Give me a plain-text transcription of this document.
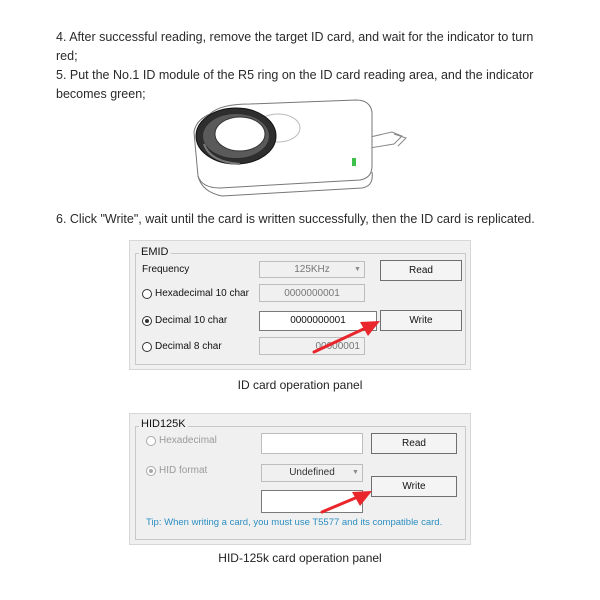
4. After successful reading, remove the target ID card, and wait for the indicator to turn red;
5. Put the No.1 ID module of the R5 ring on the ID card reading area, and the indicator becomes green;
6. Click "Write", wait until the card is written successfully, then the ID card is replicated.
EMID
Frequency	125KHz	▼	Read
Hexadecimal 10 char	0000000001
Decimal 10 char	0000000001	Write
Decimal 8 char	00000001
ID card operation panel
HID125K
Hexadecimal	Read
HID format	Undefined ▼
Write
Tip: When writing a card, you must use T5577 and its compatible card.
HID-125k card operation panel
